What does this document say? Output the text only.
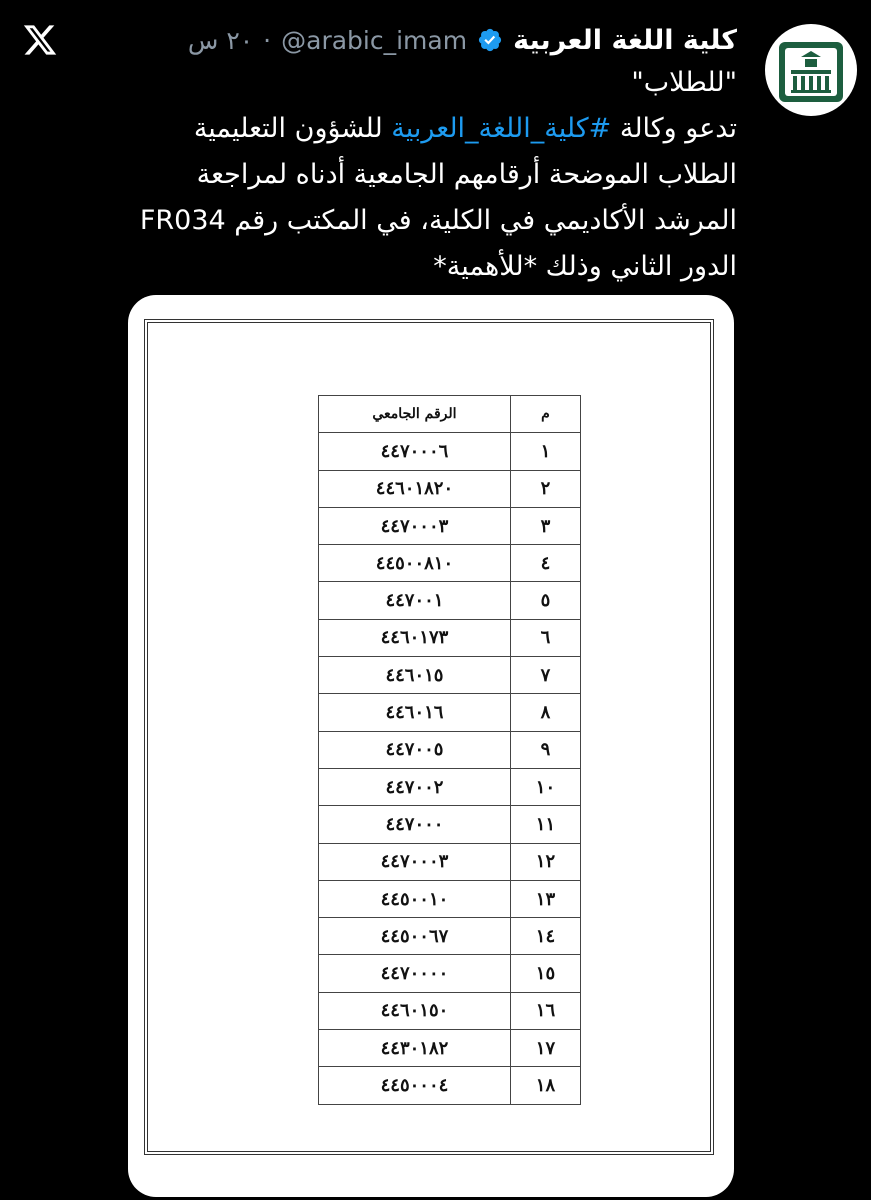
كلية اللغة العربية
@arabic_imam
·
٢٠ س
"للطلاب"
تدعو وكالة #كلية_اللغة_العربية للشؤون التعليمية
الطلاب الموضحة أرقامهم الجامعية أدناه لمراجعة
المرشد الأكاديمي في الكلية، في المكتب رقم FR034
الدور الثاني وذلك *للأهمية*
م	الرقم الجامعي
١	٤٤٧٠٠٠٦
٢	٤٤٦٠١٨٢٠
٣	٤٤٧٠٠٠٣
٤	٤٤٥٠٠٨١٠
٥	٤٤٧٠٠١
٦	٤٤٦٠١٧٣
٧	٤٤٦٠١٥
٨	٤٤٦٠١٦
٩	٤٤٧٠٠٥
١٠	٤٤٧٠٠٢
١١	٤٤٧٠٠٠
١٢	٤٤٧٠٠٠٣
١٣	٤٤٥٠٠١٠
١٤	٤٤٥٠٠٦٧
١٥	٤٤٧٠٠٠٠
١٦	٤٤٦٠١٥٠
١٧	٤٤٣٠١٨٢
١٨	٤٤٥٠٠٠٤
